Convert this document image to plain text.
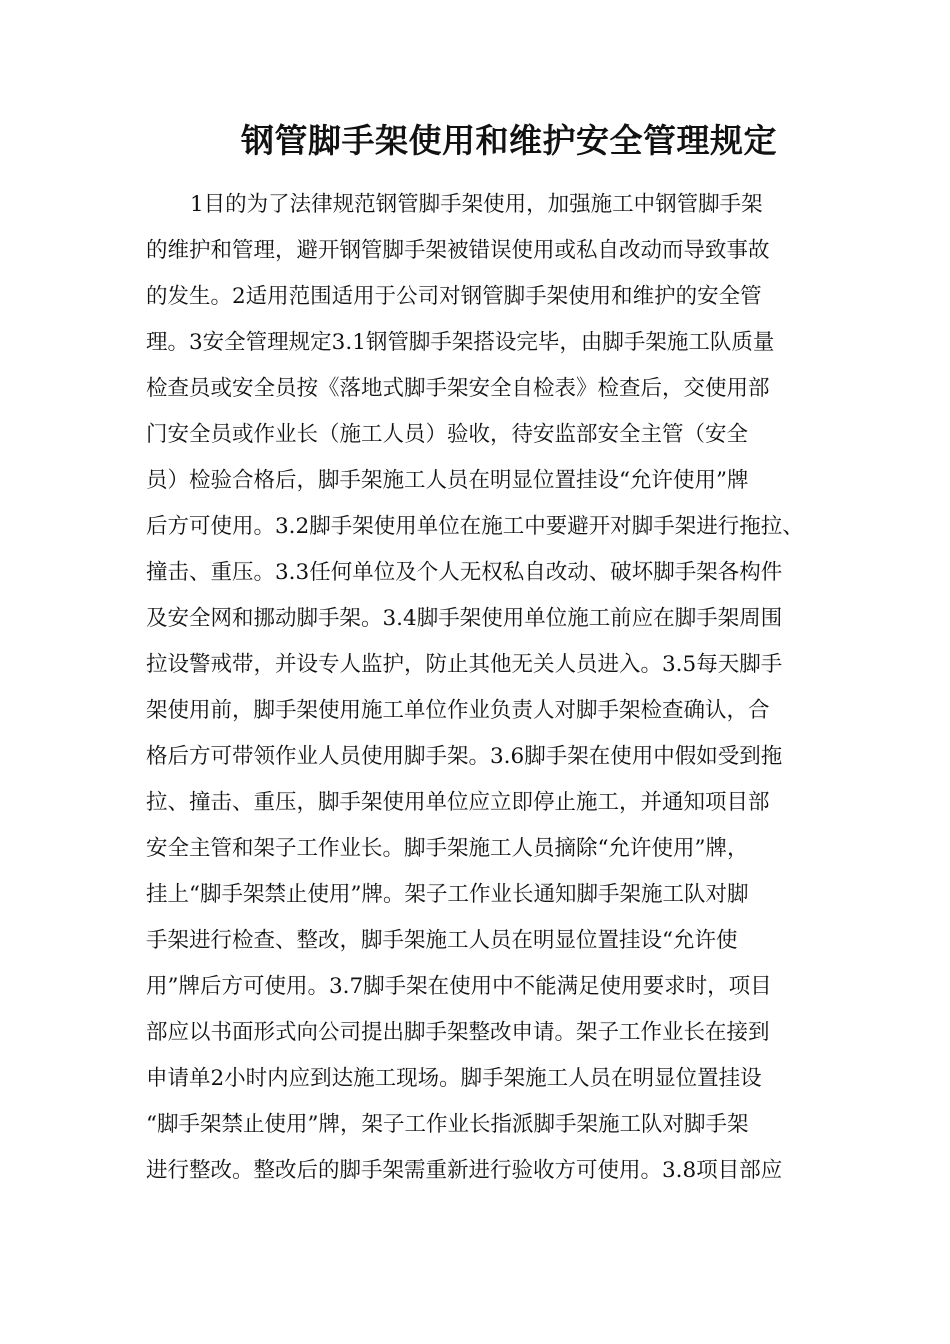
钢管脚手架使用和维护安全管理规定
1目的为了法律规范钢管脚手架使用，加强施工中钢管脚手架
的维护和管理，避开钢管脚手架被错误使用或私自改动而导致事故
的发生。2适用范围适用于公司对钢管脚手架使用和维护的安全管
理。3安全管理规定3.1钢管脚手架搭设完毕，由脚手架施工队质量
检查员或安全员按《落地式脚手架安全自检表》检查后，交使用部
门安全员或作业长（施工人员）验收，待安监部安全主管（安全
员）检验合格后，脚手架施工人员在明显位置挂设“允许使用”牌
后方可使用。3.2脚手架使用单位在施工中要避开对脚手架进行拖拉、
撞击、重压。3.3任何单位及个人无权私自改动、破坏脚手架各构件
及安全网和挪动脚手架。3.4脚手架使用单位施工前应在脚手架周围
拉设警戒带，并设专人监护，防止其他无关人员进入。3.5每天脚手
架使用前，脚手架使用施工单位作业负责人对脚手架检查确认，合
格后方可带领作业人员使用脚手架。3.6脚手架在使用中假如受到拖
拉、撞击、重压，脚手架使用单位应立即停止施工，并通知项目部
安全主管和架子工作业长。脚手架施工人员摘除“允许使用”牌，
挂上“脚手架禁止使用”牌。架子工作业长通知脚手架施工队对脚
手架进行检查、整改，脚手架施工人员在明显位置挂设“允许使
用”牌后方可使用。3.7脚手架在使用中不能满足使用要求时，项目
部应以书面形式向公司提出脚手架整改申请。架子工作业长在接到
申请单2小时内应到达施工现场。脚手架施工人员在明显位置挂设
“脚手架禁止使用”牌，架子工作业长指派脚手架施工队对脚手架
进行整改。整改后的脚手架需重新进行验收方可使用。3.8项目部应
